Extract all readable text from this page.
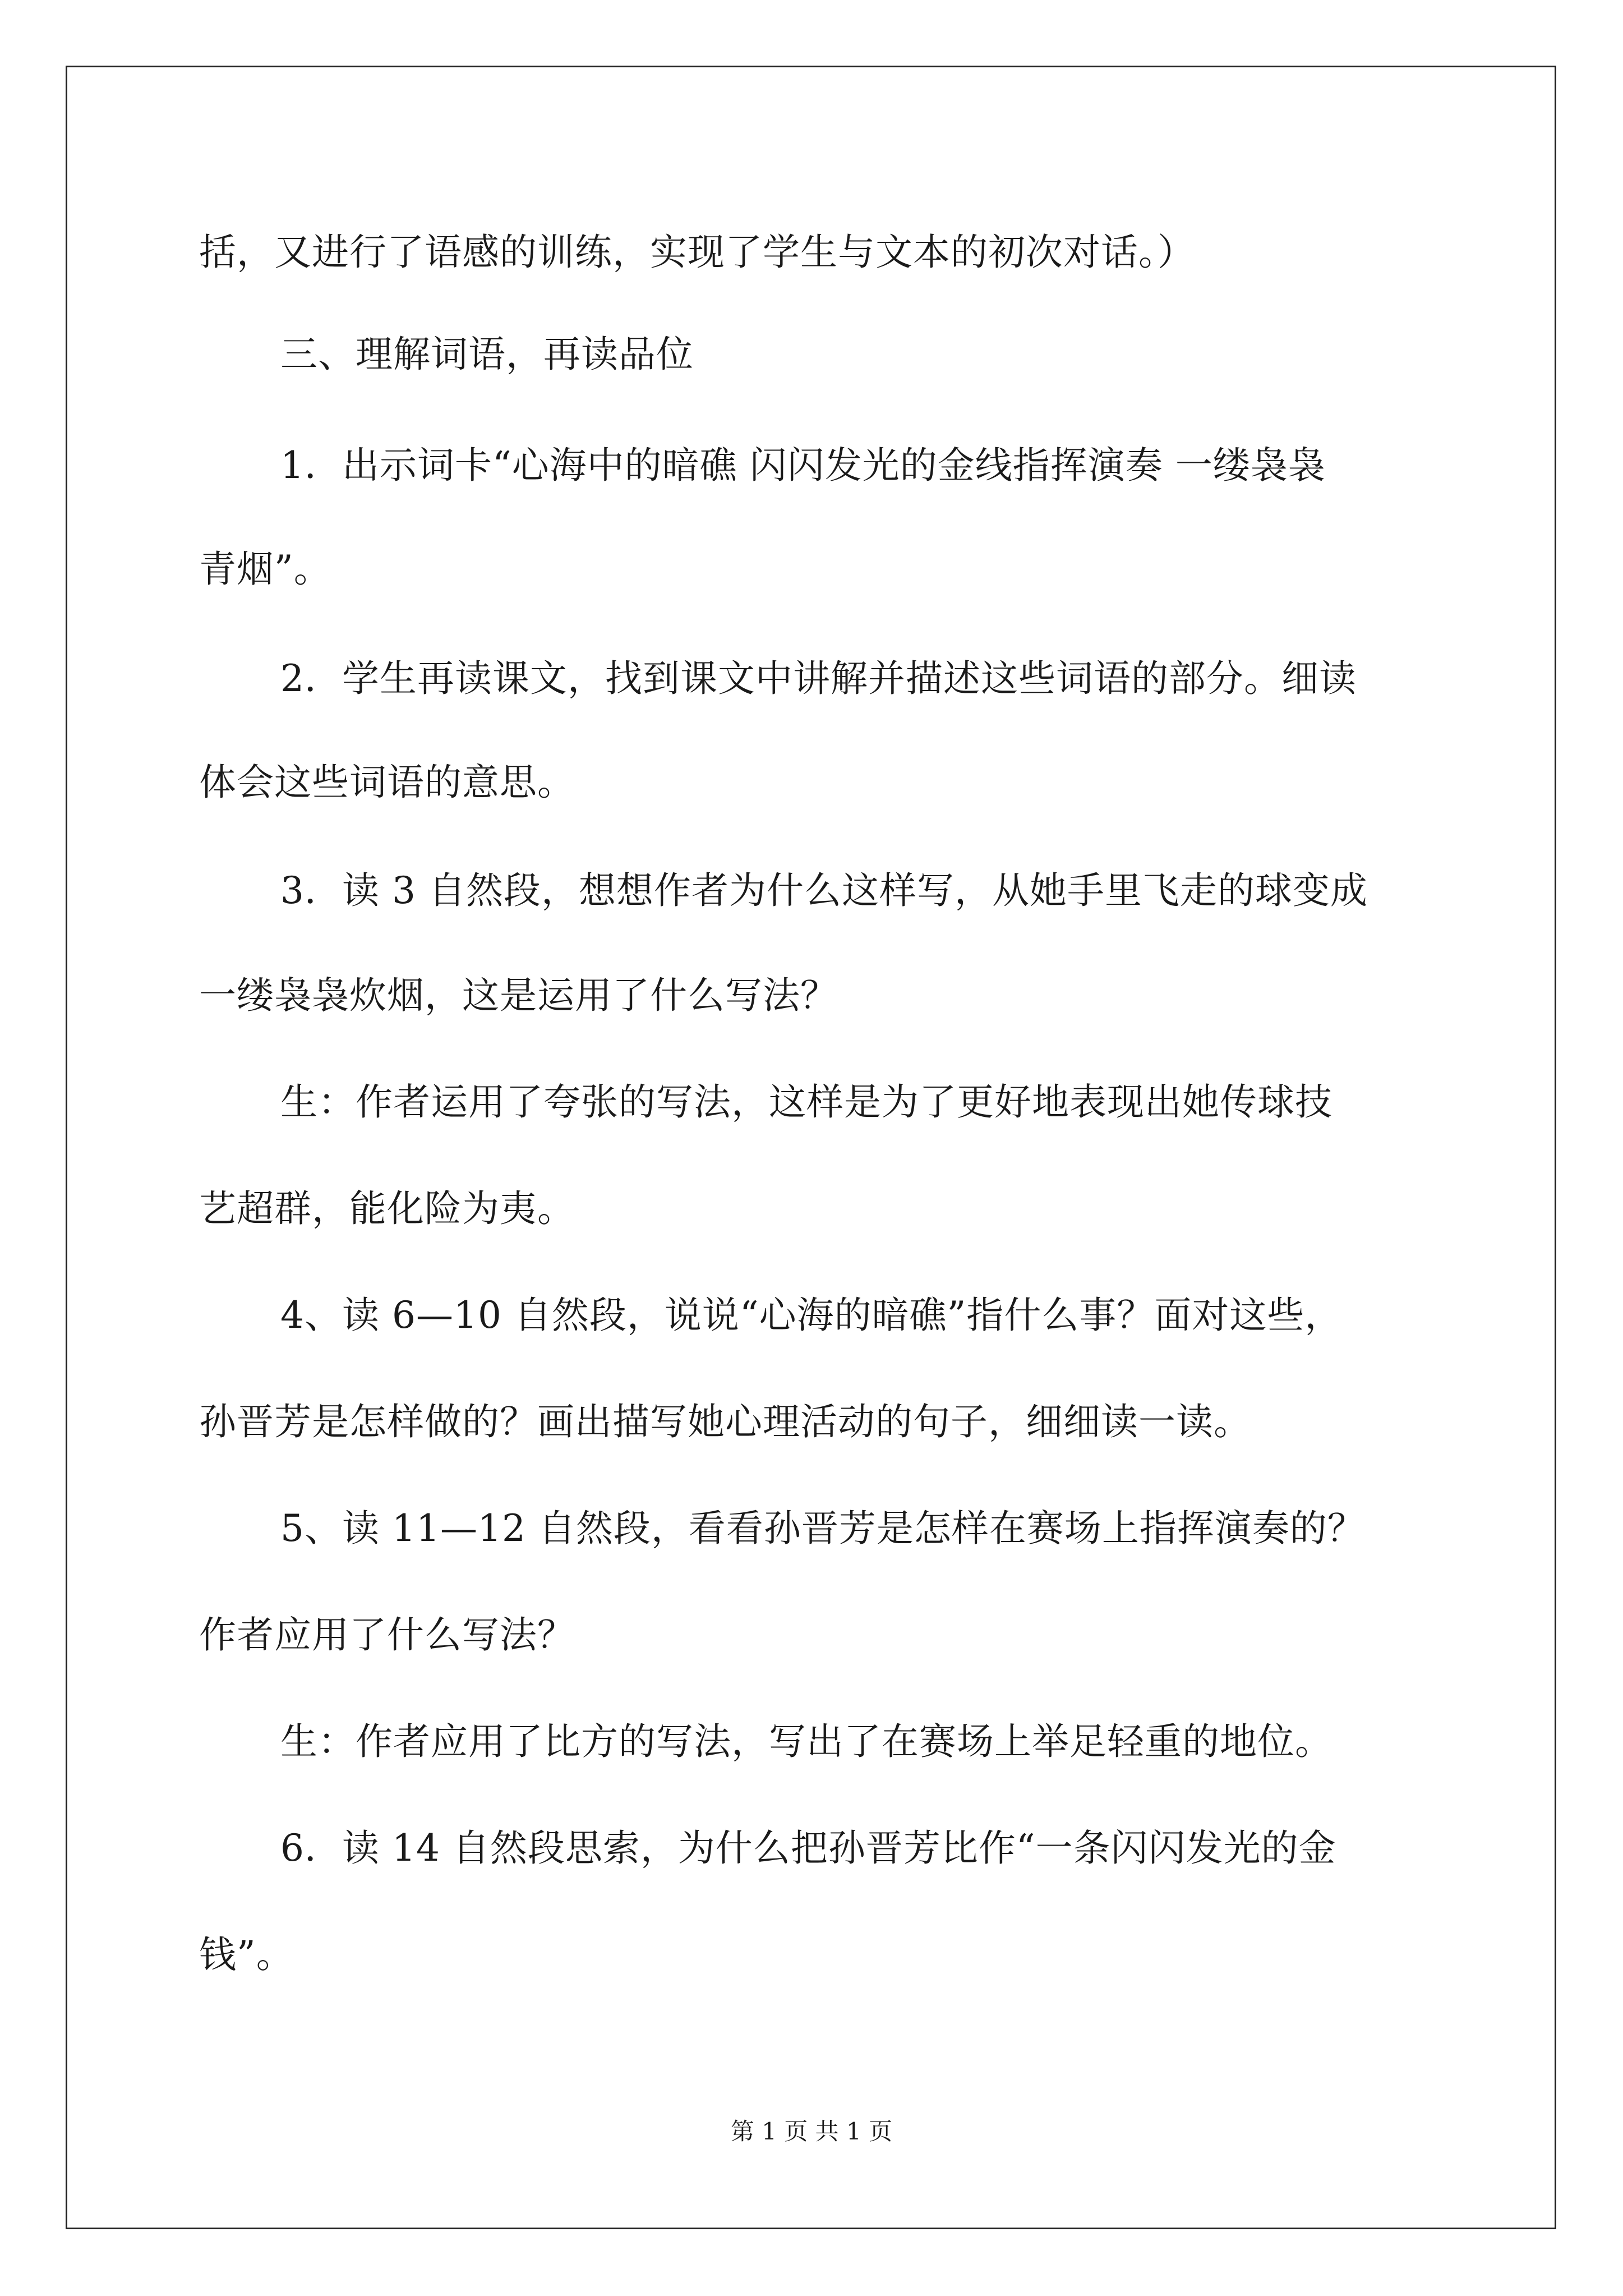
括，又进行了语感的训练，实现了学生与文本的初次对话。）
三、理解词语，再读品位
1．出示词卡“心海中的暗礁 闪闪发光的金线指挥演奏 一缕袅袅
青烟”。
2．学生再读课文，找到课文中讲解并描述这些词语的部分。细读
体会这些词语的意思。
3．读 3 自然段，想想作者为什么这样写，从她手里飞走的球变成
一缕袅袅炊烟，这是运用了什么写法？
生：作者运用了夸张的写法，这样是为了更好地表现出她传球技
艺超群，能化险为夷。
4、读 6—10 自然段，说说“心海的暗礁”指什么事？面对这些，
孙晋芳是怎样做的？画出描写她心理活动的句子，细细读一读。
5、读 11—12 自然段，看看孙晋芳是怎样在赛场上指挥演奏的？
作者应用了什么写法？
生：作者应用了比方的写法，写出了在赛场上举足轻重的地位。
6．读 14 自然段思索，为什么把孙晋芳比作“一条闪闪发光的金
钱”。
第 1 页 共 1 页
